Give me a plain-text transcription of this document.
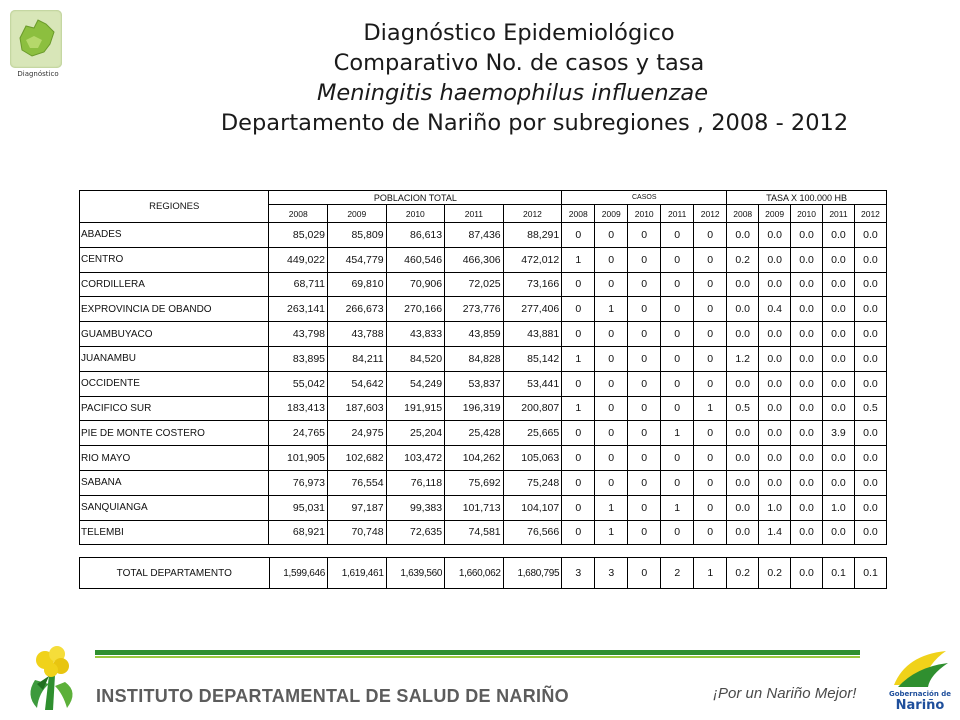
Diagnóstico
Diagnóstico Epidemiológico
Comparativo No. de casos y tasa
Meningitis haemophilus influenzae
Departamento de Nariño por subregiones , 2008 - 2012
REGIONES	POBLACION TOTAL					CASOS					TASA X 100.000 HB				
	2008	2009	2010	2011	2012	2008	2009	2010	2011	2012	2008	2009	2010	2011	2012
ABADES	85,029	85,809	86,613	87,436	88,291	0	0	0	0	0	0.0	0.0	0.0	0.0	0.0
CENTRO	449,022	454,779	460,546	466,306	472,012	1	0	0	0	0	0.2	0.0	0.0	0.0	0.0
CORDILLERA	68,711	69,810	70,906	72,025	73,166	0	0	0	0	0	0.0	0.0	0.0	0.0	0.0
EXPROVINCIA DE OBANDO	263,141	266,673	270,166	273,776	277,406	0	1	0	0	0	0.0	0.4	0.0	0.0	0.0
GUAMBUYACO	43,798	43,788	43,833	43,859	43,881	0	0	0	0	0	0.0	0.0	0.0	0.0	0.0
JUANAMBU	83,895	84,211	84,520	84,828	85,142	1	0	0	0	0	1.2	0.0	0.0	0.0	0.0
OCCIDENTE	55,042	54,642	54,249	53,837	53,441	0	0	0	0	0	0.0	0.0	0.0	0.0	0.0
PACIFICO SUR	183,413	187,603	191,915	196,319	200,807	1	0	0	0	1	0.5	0.0	0.0	0.0	0.5
PIE DE MONTE COSTERO	24,765	24,975	25,204	25,428	25,665	0	0	0	1	0	0.0	0.0	0.0	3.9	0.0
RIO MAYO	101,905	102,682	103,472	104,262	105,063	0	0	0	0	0	0.0	0.0	0.0	0.0	0.0
SABANA	76,973	76,554	76,118	75,692	75,248	0	0	0	0	0	0.0	0.0	0.0	0.0	0.0
SANQUIANGA	95,031	97,187	99,383	101,713	104,107	0	1	0	1	0	0.0	1.0	0.0	1.0	0.0
TELEMBI	68,921	70,748	72,635	74,581	76,566	0	1	0	0	0	0.0	1.4	0.0	0.0	0.0
TOTAL DEPARTAMENTO	1,599,646	1,619,461	1,639,560	1,660,062	1,680,795	3	3	0	2	1	0.2	0.2	0.0	0.1	0.1
INSTITUTO DEPARTAMENTAL DE SALUD DE NARIÑO	¡Por un Nariño Mejor!	Gobernación de
Nariño
